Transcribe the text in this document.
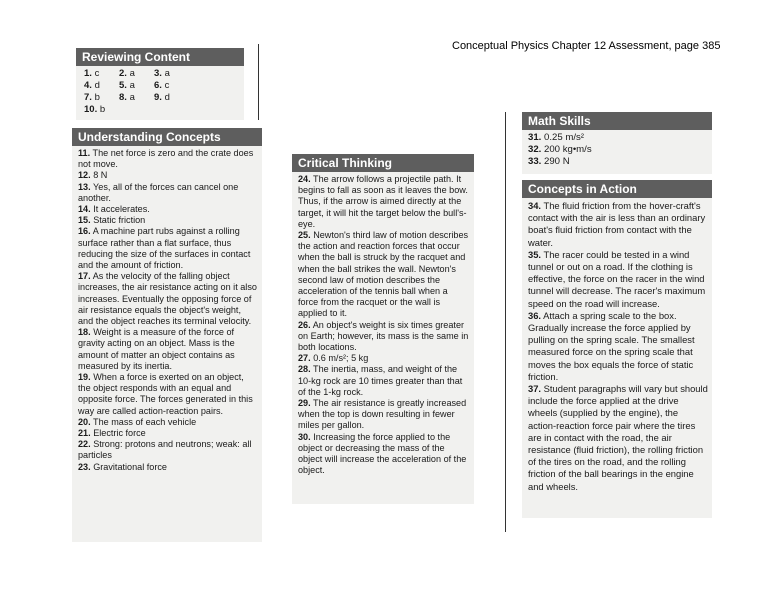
Conceptual Physics Chapter 12 Assessment, page 385
Reviewing Content
1. c	2. a	3. a
4. d	5. a	6. c
7. b	8. a	9. d
10. b
Understanding Concepts

11. The net force is zero and the crate does not move.

12. 8 N

13. Yes, all of the forces can cancel one another.

14. It accelerates.

15. Static friction

16. A machine part rubs against a rolling surface rather than a flat surface, thus reducing the size of the surfaces in contact and the amount of friction.

17. As the velocity of the falling object increases, the air resistance acting on it also increases. Eventually the opposing force of air resistance equals the object's weight, and the object reaches its terminal velocity.

18. Weight is a measure of the force of gravity acting on an object. Mass is the amount of matter an object contains as measured by its inertia.

19. When a force is exerted on an object, the object responds with an equal and opposite force. The forces generated in this way are called action-reaction pairs.

20. The mass of each vehicle

21. Electric force

22. Strong: protons and neutrons; weak: all particles

23. Gravitational force

Critical Thinking

24. The arrow follows a projectile path. It begins to fall as soon as it leaves the bow. Thus, if the arrow is aimed directly at the target, it will hit the target below the bull's-eye.

25. Newton's third law of motion describes the action and reaction forces that occur when the ball is struck by the racquet and when the ball strikes the wall. Newton's second law of motion describes the acceleration of the tennis ball when a force from the racquet or the wall is applied to it.

26. An object's weight is six times greater on Earth; however, its mass is the same in both locations.

27. 0.6 m/s²; 5 kg

28. The inertia, mass, and weight of the 10-kg rock are 10 times greater than that of the 1-kg rock.

29. The air resistance is greatly increased when the top is down resulting in fewer miles per gallon.

30. Increasing the force applied to the object or decreasing the mass of the object will increase the acceleration of the object.

Math Skills

31. 0.25 m/s²

32. 200 kg•m/s

33. 290 N

Concepts in Action

34. The fluid friction from the hover-craft's contact with the air is less than an ordinary boat's fluid friction from contact with the water.

35. The racer could be tested in a wind tunnel or out on a road. If the clothing is effective, the force on the racer in the wind tunnel will decrease. The racer's maximum speed on the road will increase.

36. Attach a spring scale to the box. Gradually increase the force applied by pulling on the spring scale. The smallest measured force on the spring scale that moves the box equals the force of static friction.

37. Student paragraphs will vary but should include the force applied at the drive wheels (supplied by the engine), the action-reaction force pair where the tires are in contact with the road, the air resistance (fluid friction), the rolling friction of the tires on the road, and the rolling friction of the ball bearings in the engine and wheels.
